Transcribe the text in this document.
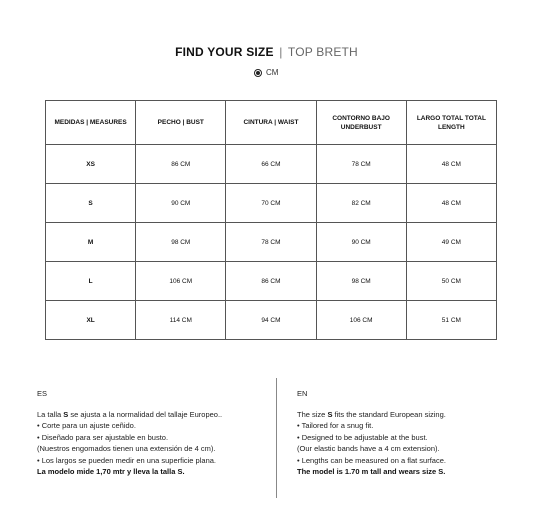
FIND YOUR SIZE | TOP BRETH
CM
MEDIDAS | MEASURES	PECHO | BUST	CINTURA | WAIST	CONTORNO BAJO UNDERBUST	LARGO TOTAL TOTAL LENGTH
XS	86 CM	66 CM	78 CM	48 CM
S	90 CM	70 CM	82 CM	48 CM
M	98 CM	78 CM	90 CM	49 CM
L	106 CM	86 CM	98 CM	50 CM
XL	114 CM	94 CM	106 CM	51 CM
ES
La talla S se ajusta a la normalidad del tallaje Europeo..
• Corte para un ajuste ceñido.
• Diseñado para ser ajustable en busto.
(Nuestros engomados tienen una extensión de 4 cm).
• Los largos se pueden medir en una superficie plana.
La modelo mide 1,70 mtr y lleva la talla S.
EN
The size S fits the standard European sizing.
• Tailored for a snug fit.
• Designed to be adjustable at the bust.
(Our elastic bands have a 4 cm extension).
• Lengths can be measured on a flat surface.
The model is 1.70 m tall and wears size S.
